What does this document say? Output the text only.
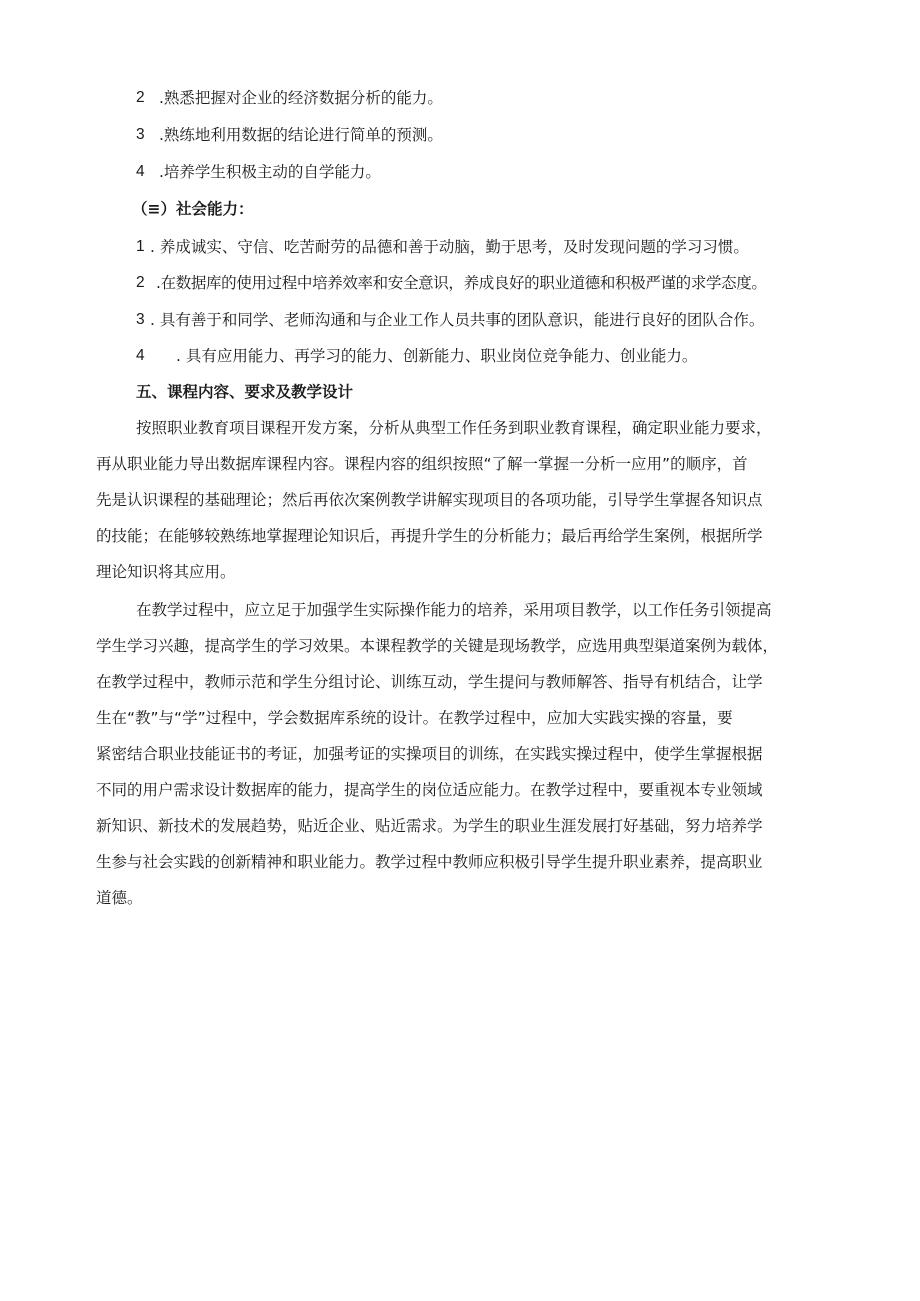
2 .熟悉把握对企业的经济数据分析的能力。
3 .熟练地利用数据的结论进行简单的预测。
4 .培养学生积极主动的自学能力。
（≡）社会能力：
1 . 养成诚实、守信、吃苦耐劳的品德和善于动脑，勤于思考，及时发现问题的学习习惯。
2 .在数据库的使用过程中培养效率和安全意识，养成良好的职业道德和积极严谨的求学态度。
3 . 具有善于和同学、老师沟通和与企业工作人员共事的团队意识，能进行良好的团队合作。
4 . 具有应用能力、再学习的能力、创新能力、职业岗位竞争能力、创业能力。
五、课程内容、要求及教学设计
按照职业教育项目课程开发方案，分析从典型工作任务到职业教育课程，确定职业能力要求，
再从职业能力导出数据库课程内容。课程内容的组织按照“了解一掌握一分析一应用”的顺序，首
先是认识课程的基础理论；然后再依次案例教学讲解实现项目的各项功能，引导学生掌握各知识点
的技能；在能够较熟练地掌握理论知识后，再提升学生的分析能力；最后再给学生案例，根据所学
理论知识将其应用。
在教学过程中，应立足于加强学生实际操作能力的培养，采用项目教学，以工作任务引领提高
学生学习兴趣，提高学生的学习效果。本课程教学的关键是现场教学，应选用典型渠道案例为载体，
在教学过程中，教师示范和学生分组讨论、训练互动，学生提问与教师解答、指导有机结合，让学
生在“教”与“学”过程中，学会数据库系统的设计。在教学过程中，应加大实践实操的容量，要
紧密结合职业技能证书的考证，加强考证的实操项目的训练，在实践实操过程中，使学生掌握根据
不同的用户需求设计数据库的能力，提高学生的岗位适应能力。在教学过程中，要重视本专业领域
新知识、新技术的发展趋势，贴近企业、贴近需求。为学生的职业生涯发展打好基础，努力培养学
生参与社会实践的创新精神和职业能力。教学过程中教师应积极引导学生提升职业素养，提高职业
道德。
